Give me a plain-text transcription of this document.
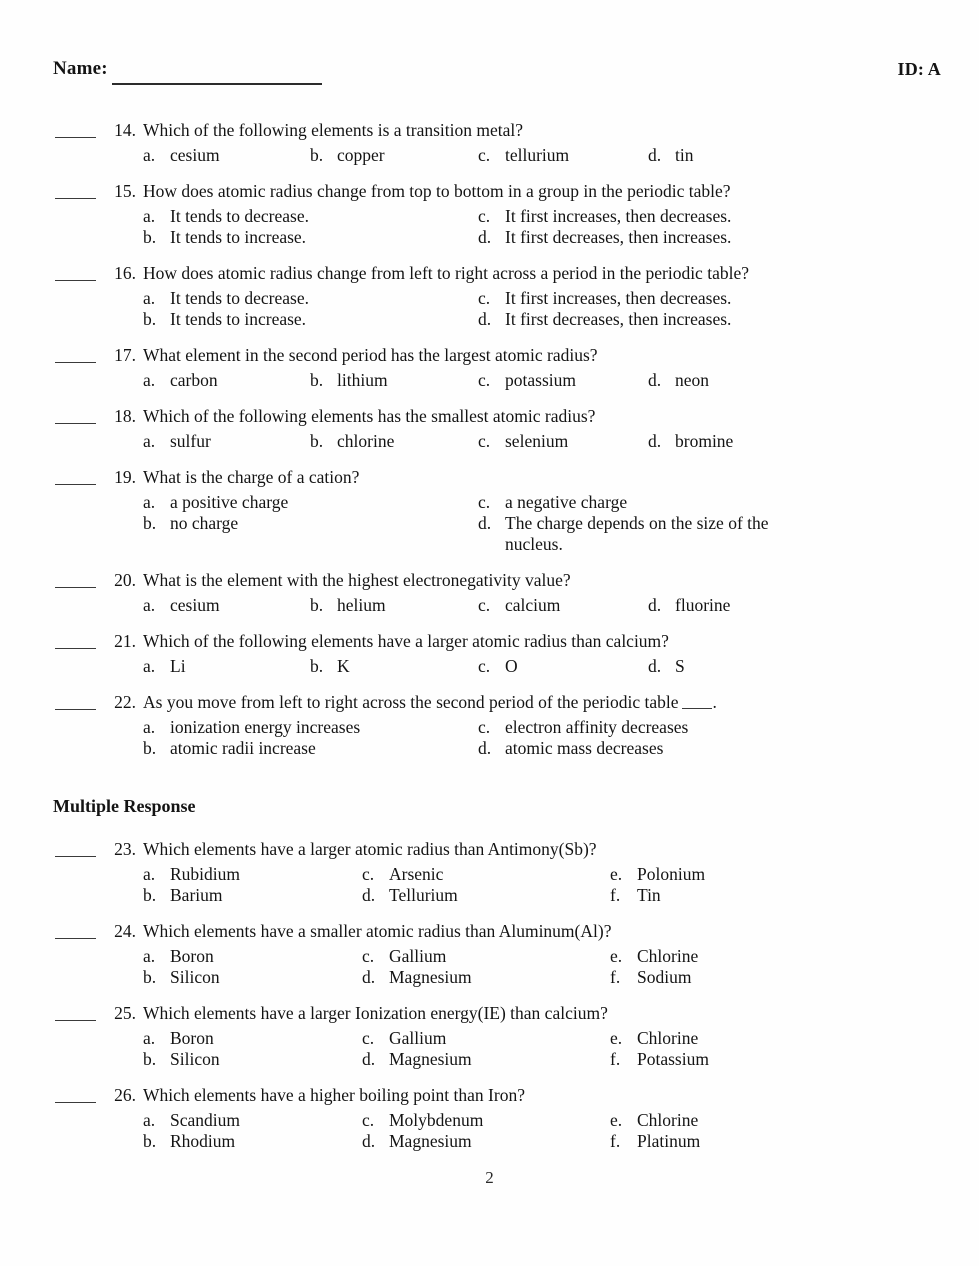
Name:	ID: A
14. Which of the following elements is a transition metal?
a. cesium	b. copper	c. tellurium	d. tin
15. How does atomic radius change from top to bottom in a group in the periodic table?
a. It tends to decrease.
b. It tends to increase.
c. It first increases, then decreases.
d. It first decreases, then increases.
16. How does atomic radius change from left to right across a period in the periodic table?
a. It tends to decrease.
b. It tends to increase.
c. It first increases, then decreases.
d. It first decreases, then increases.
17. What element in the second period has the largest atomic radius?
a. carbon	b. lithium	c. potassium	d. neon
18. Which of the following elements has the smallest atomic radius?
a. sulfur	b. chlorine	c. selenium	d. bromine
19. What is the charge of a cation?
a. a positive charge
b. no charge
c. a negative charge
d. The charge depends on the size of the nucleus.
20. What is the element with the highest electronegativity value?
a. cesium	b. helium	c. calcium	d. fluorine
21. Which of the following elements have a larger atomic radius than calcium?
a. Li	b. K	c. O	d. S
22. As you move from left to right across the second period of the periodic table .
a. ionization energy increases
b. atomic radii increase
c. electron affinity decreases
d. atomic mass decreases
Multiple Response
23. Which elements have a larger atomic radius than Antimony(Sb)?
a. Rubidium
b. Barium
c. Arsenic
d. Tellurium
e. Polonium
f. Tin
24. Which elements have a smaller atomic radius than Aluminum(Al)?
a. Boron
b. Silicon
c. Gallium
d. Magnesium
e. Chlorine
f. Sodium
25. Which elements have a larger Ionization energy(IE) than calcium?
a. Boron
b. Silicon
c. Gallium
d. Magnesium
e. Chlorine
f. Potassium
26. Which elements have a higher boiling point than Iron?
a. Scandium
b. Rhodium
c. Molybdenum
d. Magnesium
e. Chlorine
f. Platinum
2
